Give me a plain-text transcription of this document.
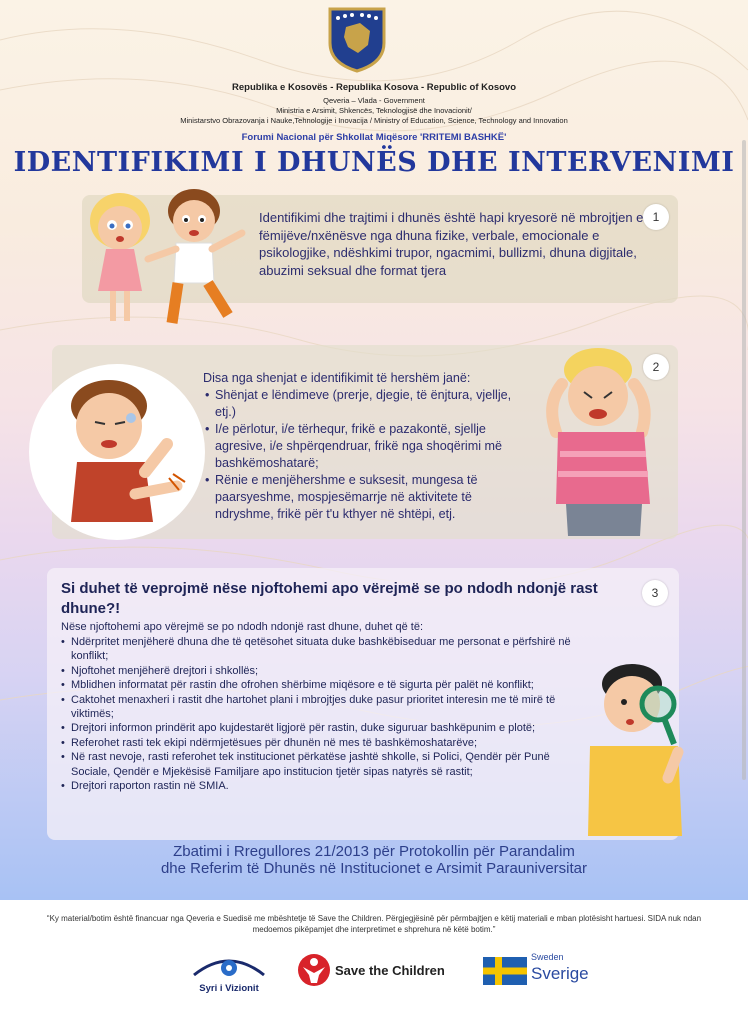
Republika e Kosovës - Republika Kosova - Republic of Kosovo
Qeveria – Vlada - Government
Ministria e Arsimit, Shkencës, Teknologjisë dhe Inovacionit/
Ministarstvo Obrazovanja i Nauke,Tehnologije i Inovacija / Ministry of Education, Science, Technology and Innovation
Forumi Nacional për Shkollat Miqësore 'RRITEMI BASHKË'
IDENTIFIKIMI I DHUNËS DHE INTERVENIMI
1
Identifikimi dhe trajtimi i dhunës është hapi kryesorë në mbrojtjen e fëmijëve/nxënësve nga dhuna fizike, verbale, emocionale e psikologjike, ndëshkimi trupor, ngacmimi, bullizmi, dhuna digjitale, abuzimi seksual dhe format tjera
2
Disa nga shenjat e identifikimit të hershëm janë:
• Shënjat e lëndimeve (prerje, djegie, të ënjtura, vjellje, etj.)
• I/e përlotur, i/e tërhequr, frikë e pazakontë, sjellje agresive, i/e shpërqendruar, frikë nga shoqërimi më bashkëmoshatarë;
• Rënie e menjëhershme e suksesit, mungesa të paarsyeshme, mospjesëmarrje në aktivitete të ndryshme, frikë për t'u kthyer në shtëpi, etj.
3
Si duhet të veprojmë nëse njoftohemi apo vërejmë se po ndodh ndonjë rast dhune?!
Nëse njoftohemi apo vërejmë se po ndodh ndonjë rast dhune, duhet që të:
• Ndërpritet menjëherë dhuna dhe të qetësohet situata duke bashkëbiseduar me personat e përfshirë në konflikt;
• Njoftohet menjëherë drejtori i shkollës;
• Mblidhen informatat për rastin dhe ofrohen shërbime miqësore e të sigurta për palët në konflikt;
• Caktohet menaxheri i rastit dhe hartohet plani i mbrojtjes duke pasur prioritet interesin me të mirë të viktimës;
• Drejtori informon prindërit apo kujdestarët ligjorë për rastin, duke siguruar bashkëpunim e plotë;
• Referohet rasti tek ekipi ndërmjetësues për dhunën në mes të bashkëmoshatarëve;
• Në rast nevoje, rasti referohet tek institucionet përkatëse jashtë shkolle, si Polici, Qendër për Punë Sociale, Qendër e Mjekësisë Familjare apo institucion tjetër sipas natyrës së rastit;
• Drejtori raporton rastin në SMIA.
Zbatimi i Rregullores 21/2013 për Protokollin për Parandalim
dhe Referim të Dhunës në Institucionet e Arsimit Parauniversitar
“Ky material/botim është financuar nga Qeveria e Suedisë me mbështetje të Save the Children. Përgjegjësinë për përmbajtjen e këtij materiali e mban plotësisht hartuesi. SIDA nuk ndan medoemos pikëpamjet dhe interpretimet e shprehura në këtë botim.”
Syri i Vizionit
Save the Children
Sweden
Sverige
